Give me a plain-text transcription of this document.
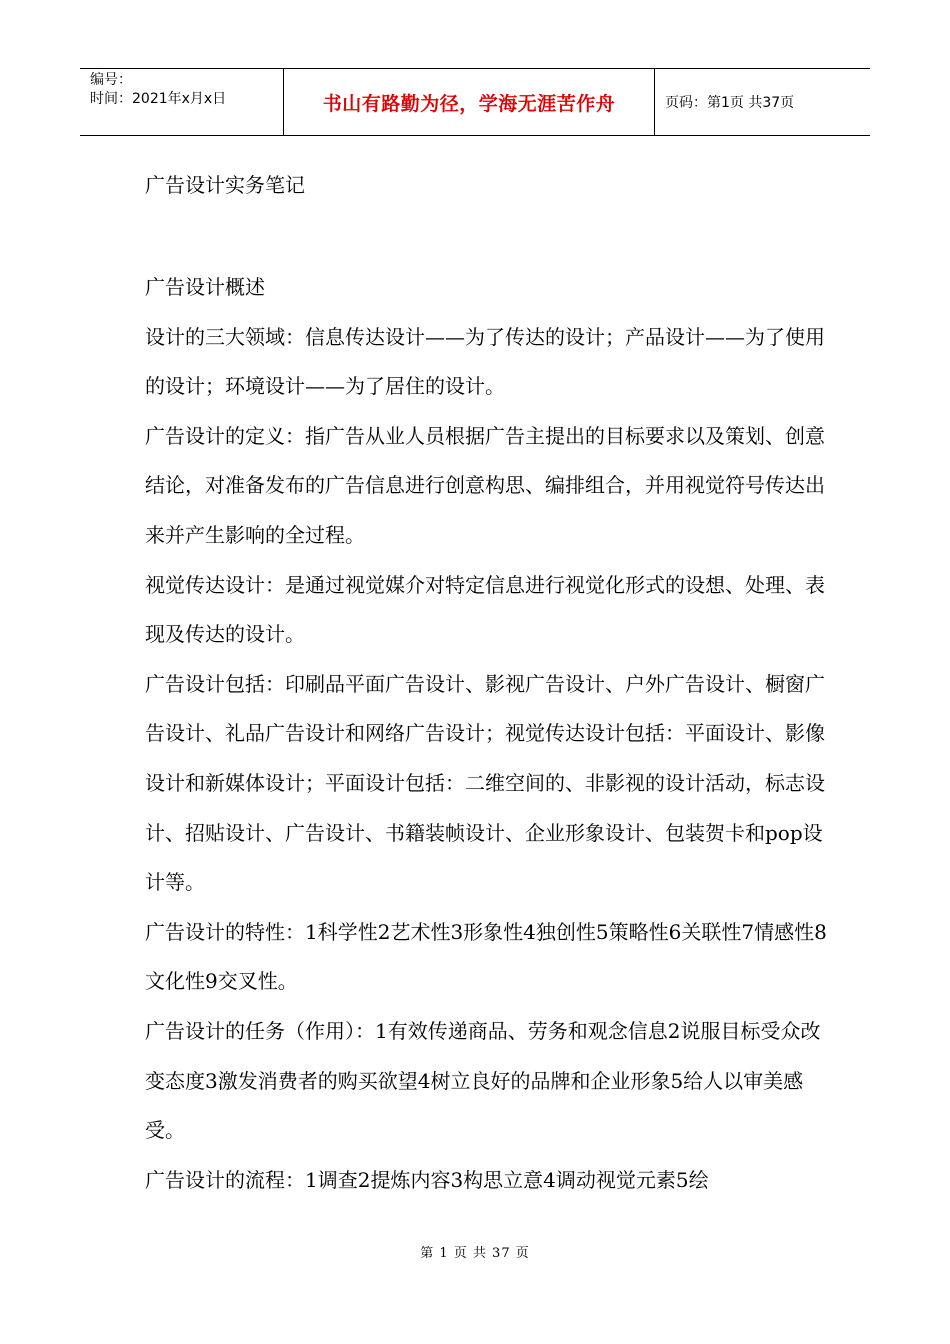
编号：
时间：2021年x月x日	书山有路勤为径，学海无涯苦作舟	页码：第1页 共37页
广告设计实务笔记

广告设计概述

设计的三大领域：信息传达设计——为了传达的设计；产品设计——为了使用的设计；环境设计——为了居住的设计。

广告设计的定义：指广告从业人员根据广告主提出的目标要求以及策划、创意结论，对准备发布的广告信息进行创意构思、编排组合，并用视觉符号传达出来并产生影响的全过程。

视觉传达设计：是通过视觉媒介对特定信息进行视觉化形式的设想、处理、表现及传达的设计。

广告设计包括：印刷品平面广告设计、影视广告设计、户外广告设计、橱窗广告设计、礼品广告设计和网络广告设计；视觉传达设计包括：平面设计、影像设计和新媒体设计；平面设计包括：二维空间的、非影视的设计活动，标志设计、招贴设计、广告设计、书籍装帧设计、企业形象设计、包装贺卡和pop设计等。

广告设计的特性：1科学性2艺术性3形象性4独创性5策略性6关联性7情感性8文化性9交叉性。

广告设计的任务（作用）：1有效传递商品、劳务和观念信息2说服目标受众改变态度3激发消费者的购买欲望4树立良好的品牌和企业形象5给人以审美感受。

广告设计的流程：1调查2提炼内容3构思立意4调动视觉元素5绘

第 1 页 共 37 页
